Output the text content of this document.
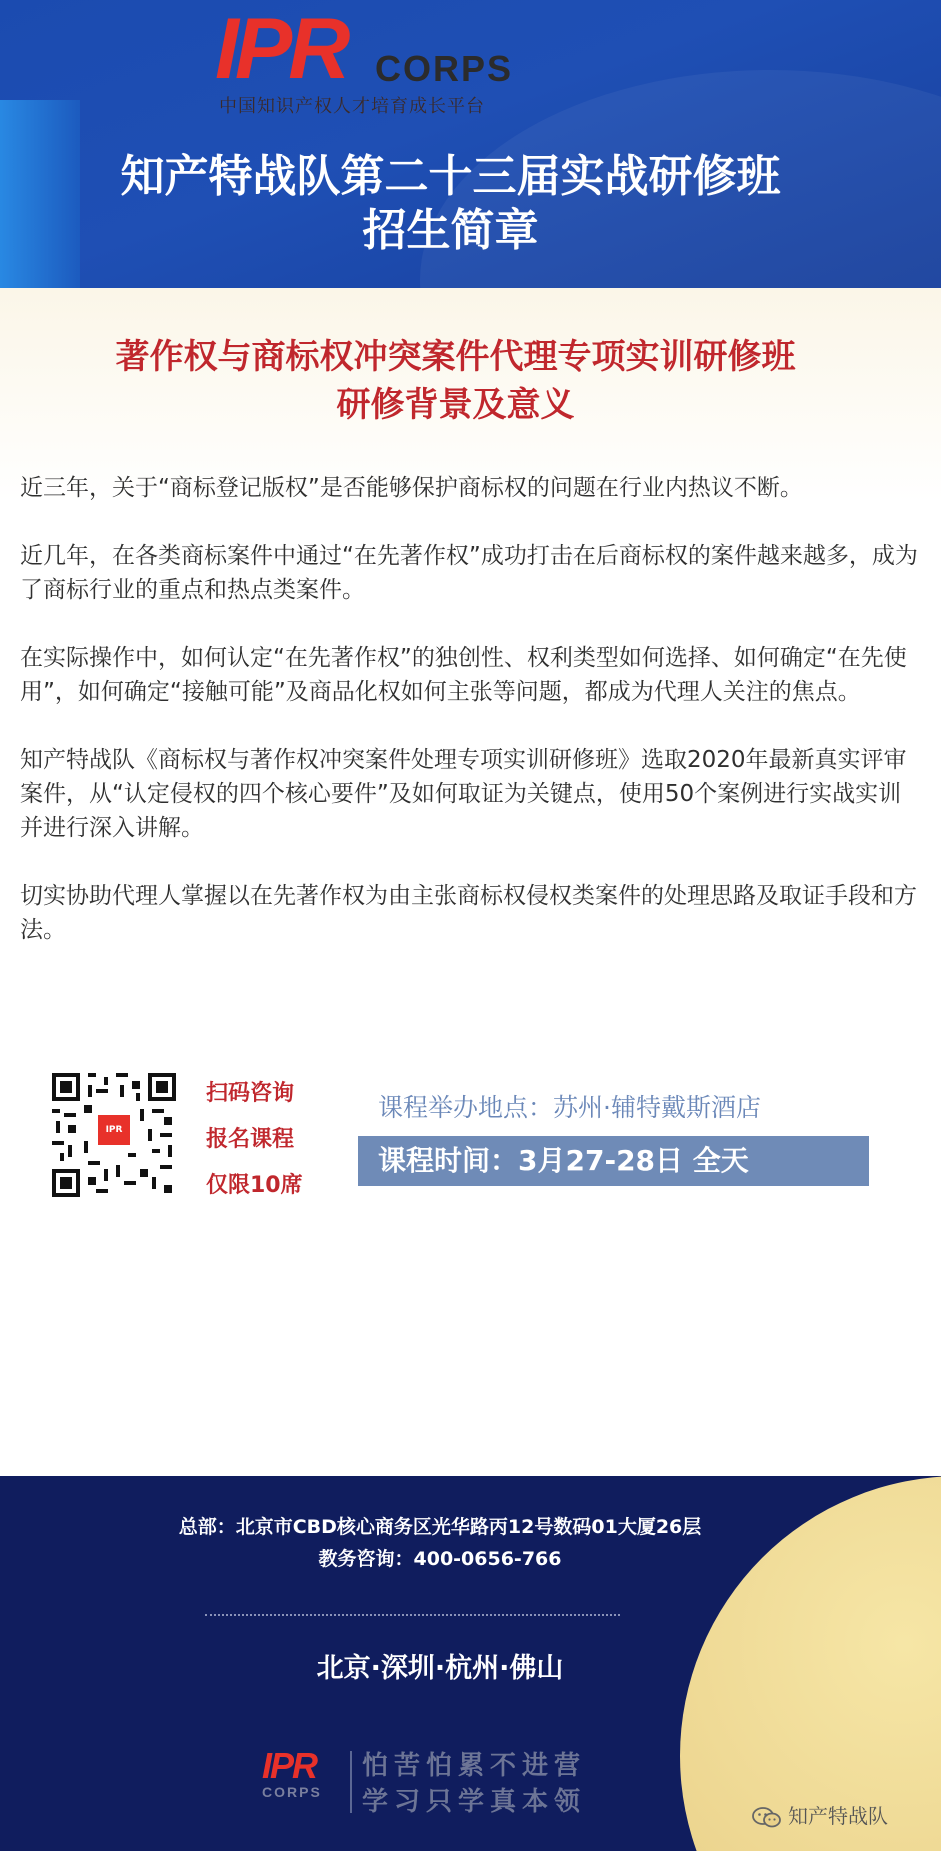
IPR CORPS
中国知识产权人才培育成长平台
知产特战队第二十三届实战研修班
招生简章
著作权与商标权冲突案件代理专项实训研修班
研修背景及意义

近三年，关于“商标登记版权”是否能够保护商标权的问题在行业内热议不断。

近几年，在各类商标案件中通过“在先著作权”成功打击在后商标权的案件越来越多，成为了商标行业的重点和热点类案件。

在实际操作中，如何认定“在先著作权”的独创性、权利类型如何选择、如何确定“在先使用”，如何确定“接触可能”及商品化权如何主张等问题，都成为代理人关注的焦点。

知产特战队《商标权与著作权冲突案件处理专项实训研修班》选取2020年最新真实评审案件，从“认定侵权的四个核心要件”及如何取证为关键点，使用50个案例进行实战实训并进行深入讲解。

切实协助代理人掌握以在先著作权为由主张商标权侵权类案件的处理思路及取证手段和方法。

IPR
扫码咨询
报名课程
仅限10席
课程举办地点：苏州·辅特戴斯酒店
课程时间：3月27-28日 全天
总部：北京市CBD核心商务区光华路丙12号数码01大厦26层
教务咨询：400-0656-766
北京·深圳·杭州·佛山
IPR
CORPS
怕苦怕累不进营
学习只学真本领	知产特战队
